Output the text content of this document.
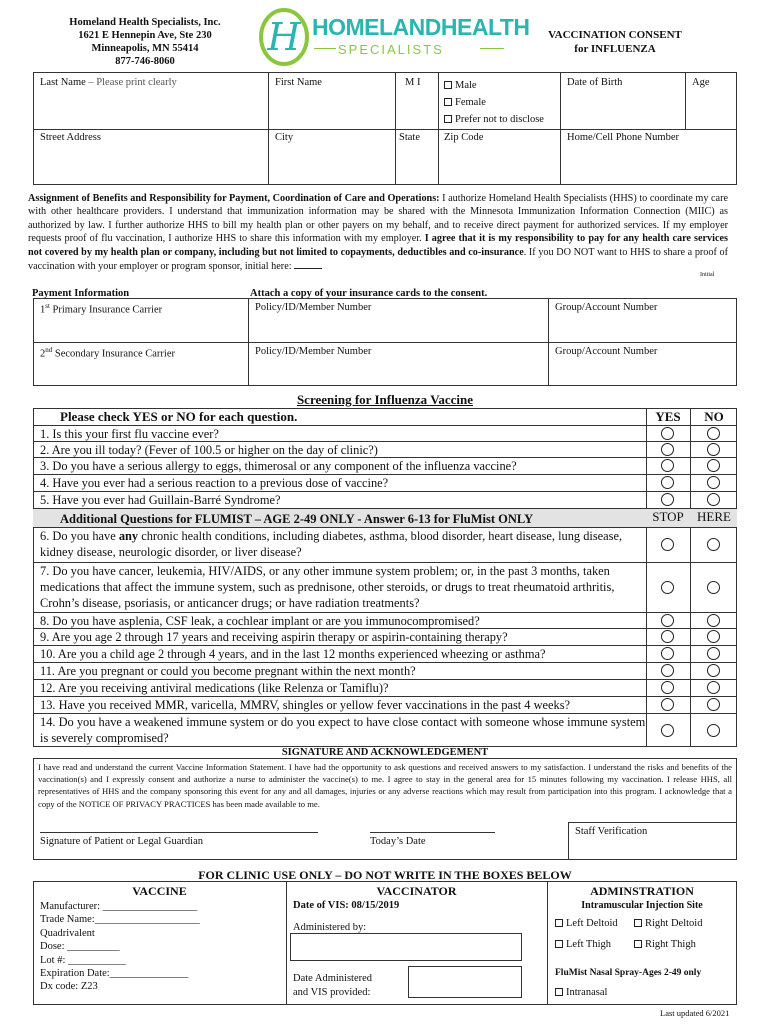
Homeland Health Specialists, Inc.
1621 E Hennepin Ave, Ste 230
Minneapolis, MN 55414
877-746-8060
H HOMELANDHEALTH
SPECIALISTS
VACCINATION CONSENT
for INFLUENZA
Last Name – Please print clearly	First Name	M I	Male
Female
Prefer not to disclose
Date of Birth	Age
Street Address	City	State Zip Code	Home/Cell Phone Number
Assignment of Benefits and Responsibility for Payment, Coordination of Care and Operations: I authorize Homeland Health Specialists (HHS) to coordinate my care with other healthcare providers. I understand that immunization information may be shared with the Minnesota Immunization Information Connection (MIIC) as authorized by law. I further authorize HHS to bill my health plan or other payers on my behalf, and to receive direct payment for authorized services. If my employer requests proof of flu vaccination, I authorize HHS to share this information with my employer. I agree that it is my responsibility to pay for any health care services not covered by my health plan or company, including but not limited to copayments, deductibles and co-insurance. If you DO NOT want to HHS to share a proof of vaccination with your employer or program sponsor, initial here:
Initial
Payment Information	Attach a copy of your insurance cards to the consent.
1st Primary Insurance Carrier	Policy/ID/Member Number	Group/Account Number
2nd Secondary Insurance Carrier	Policy/ID/Member Number	Group/Account Number
Screening for Influenza Vaccine
Please check YES or NO for each question.	YES	NO
1. Is this your first flu vaccine ever?
2. Are you ill today? (Fever of 100.5 or higher on the day of clinic?)
3. Do you have a serious allergy to eggs, thimerosal or any component of the influenza vaccine?
4. Have you ever had a serious reaction to a previous dose of vaccine?
5. Have you ever had Guillain-Barré Syndrome?
Additional Questions for FLUMIST – AGE 2-49 ONLY - Answer 6-13 for FluMist ONLY	STOP	HERE
6. Do you have any chronic health conditions, including diabetes, asthma, blood disorder, heart disease, lung disease, kidney disease, neurologic disorder, or liver disease?
7. Do you have cancer, leukemia, HIV/AIDS, or any other immune system problem; or, in the past 3 months, taken medications that affect the immune system, such as prednisone, other steroids, or drugs to treat rheumatoid arthritis, Crohn’s disease, psoriasis, or anticancer drugs; or have radiation treatments?
8. Do you have asplenia, CSF leak, a cochlear implant or are you immunocompromised?
9. Are you age 2 through 17 years and receiving aspirin therapy or aspirin-containing therapy?
10. Are you a child age 2 through 4 years, and in the last 12 months experienced wheezing or asthma?
11. Are you pregnant or could you become pregnant within the next month?
12. Are you receiving antiviral medications (like Relenza or Tamiflu)?
13. Have you received MMR, varicella, MMRV, shingles or yellow fever vaccinations in the past 4 weeks?
14. Do you have a weakened immune system or do you expect to have close contact with someone whose immune system is severely compromised?
SIGNATURE AND ACKNOWLEDGEMENT
I have read and understand the current Vaccine Information Statement. I have had the opportunity to ask questions and received answers to my satisfaction. I understand the risks and benefits of the vaccination(s) and I expressly consent and authorize a nurse to administer the vaccine(s) to me. I agree to stay in the general area for 15 minutes following my vaccination. I release HHS, all representatives of HHS and the company sponsoring this event for any and all damages, injuries or any adverse reactions which may result from participation into this program. I acknowledge that a copy of the NOTICE OF PRIVACY PRACTICES has been made available to me.
Signature of Patient or Legal Guardian	Today’s Date
Staff Verification
FOR CLINIC USE ONLY – DO NOT WRITE IN THE BOXES BELOW
VACCINE
Manufacturer: __________________
Trade Name:____________________
Quadrivalent
Dose: __________
Lot #: ___________
Expiration Date:_______________
Dx code: Z23
VACCINATOR
Date of VIS: 08/15/2019
Administered by:
Date Administered
and VIS provided:
ADMINSTRATION
Intramuscular Injection Site
Left Deltoid	Right Deltoid
Left Thigh	Right Thigh
FluMist Nasal Spray-Ages 2-49 only
Intranasal
Last updated 6/2021
